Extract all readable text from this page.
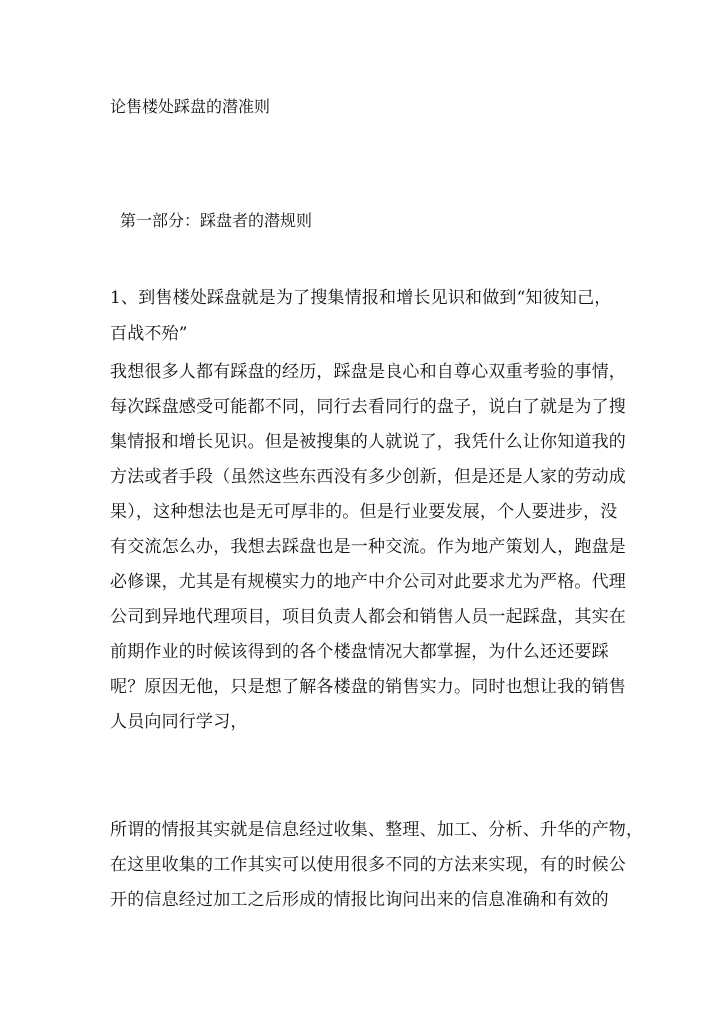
论售楼处踩盘的潜准则
第一部分：踩盘者的潜规则
1、到售楼处踩盘就是为了搜集情报和增长见识和做到“知彼知己，
百战不殆”
我想很多人都有踩盘的经历，踩盘是良心和自尊心双重考验的事情，
每次踩盘感受可能都不同，同行去看同行的盘子，说白了就是为了搜
集情报和增长见识。但是被搜集的人就说了，我凭什么让你知道我的
方法或者手段（虽然这些东西没有多少创新，但是还是人家的劳动成
果），这种想法也是无可厚非的。但是行业要发展，个人要进步，没
有交流怎么办，我想去踩盘也是一种交流。作为地产策划人，跑盘是
必修课，尤其是有规模实力的地产中介公司对此要求尤为严格。代理
公司到异地代理项目，项目负责人都会和销售人员一起踩盘，其实在
前期作业的时候该得到的各个楼盘情况大都掌握，为什么还还要踩
呢？原因无他，只是想了解各楼盘的销售实力。同时也想让我的销售
人员向同行学习，
所谓的情报其实就是信息经过收集、整理、加工、分析、升华的产物，
在这里收集的工作其实可以使用很多不同的方法来实现，有的时候公
开的信息经过加工之后形成的情报比询问出来的信息准确和有效的
